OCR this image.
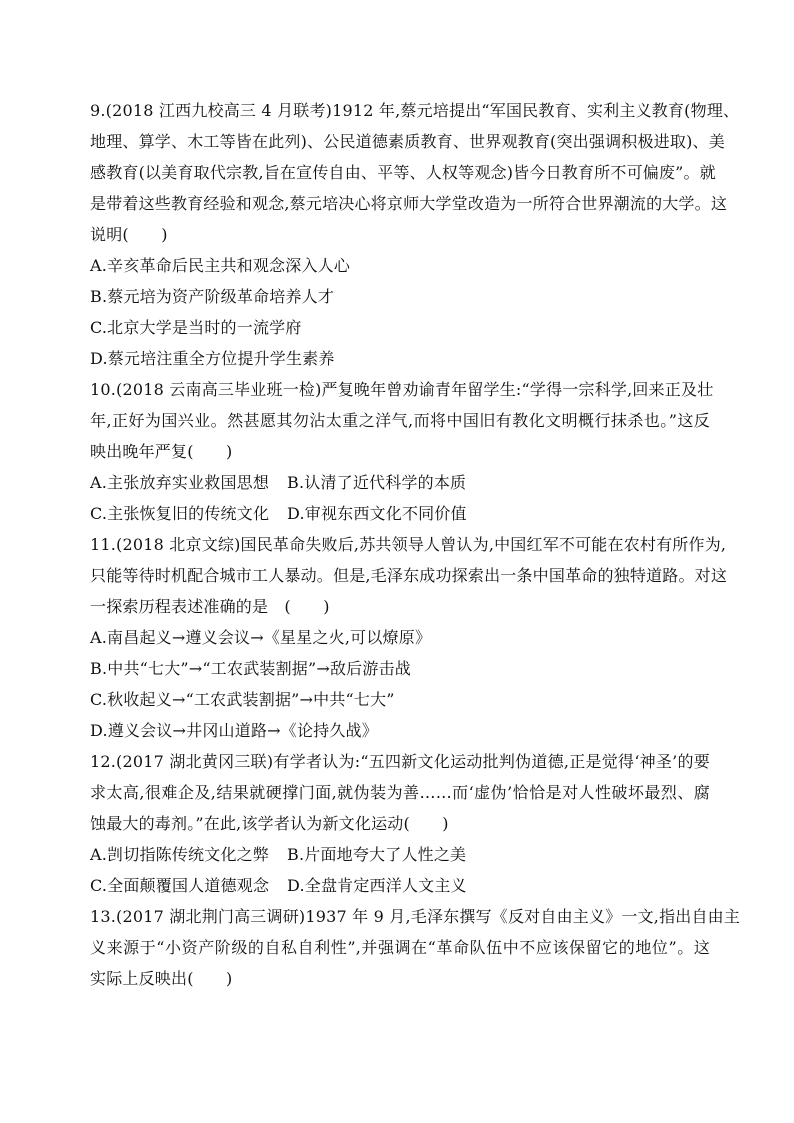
9.(2018 江西九校高三 4 月联考)1912 年,蔡元培提出“军国民教育、实利主义教育(物理、
地理、算学、木工等皆在此列)、公民道德素质教育、世界观教育(突出强调积极进取)、美
感教育(以美育取代宗教,旨在宣传自由、平等、人权等观念)皆今日教育所不可偏废”。就
是带着这些教育经验和观念,蔡元培决心将京师大学堂改造为一所符合世界潮流的大学。这
说明(　　)
A.辛亥革命后民主共和观念深入人心
B.蔡元培为资产阶级革命培养人才
C.北京大学是当时的一流学府
D.蔡元培注重全方位提升学生素养
10.(2018 云南高三毕业班一检)严复晚年曾劝谕青年留学生:“学得一宗科学,回来正及壮
年,正好为国兴业。然甚愿其勿沾太重之洋气,而将中国旧有教化文明概行抹杀也。”这反
映出晚年严复(　　)
A.主张放弃实业救国思想	B.认清了近代科学的本质
C.主张恢复旧的传统文化	D.审视东西文化不同价值
11.(2018 北京文综)国民革命失败后,苏共领导人曾认为,中国红军不可能在农村有所作为,
只能等待时机配合城市工人暴动。但是,毛泽东成功探索出一条中国革命的独特道路。对这
一探索历程表述准确的是　(　　)
A.南昌起义→遵义会议→《星星之火,可以燎原》
B.中共“七大”→“工农武装割据”→敌后游击战
C.秋收起义→“工农武装割据”→中共“七大”
D.遵义会议→井冈山道路→《论持久战》
12.(2017 湖北黄冈三联)有学者认为:“五四新文化运动批判伪道德,正是觉得‘神圣’的要
求太高,很难企及,结果就硬撑门面,就伪装为善……而‘虚伪’恰恰是对人性破坏最烈、腐
蚀最大的毒剂。”在此,该学者认为新文化运动(　　)
A.剀切指陈传统文化之弊	B.片面地夸大了人性之美
C.全面颠覆国人道德观念	D.全盘肯定西洋人文主义
13.(2017 湖北荆门高三调研)1937 年 9 月,毛泽东撰写《反对自由主义》一文,指出自由主
义来源于“小资产阶级的自私自利性”,并强调在“革命队伍中不应该保留它的地位”。这
实际上反映出(　　)
